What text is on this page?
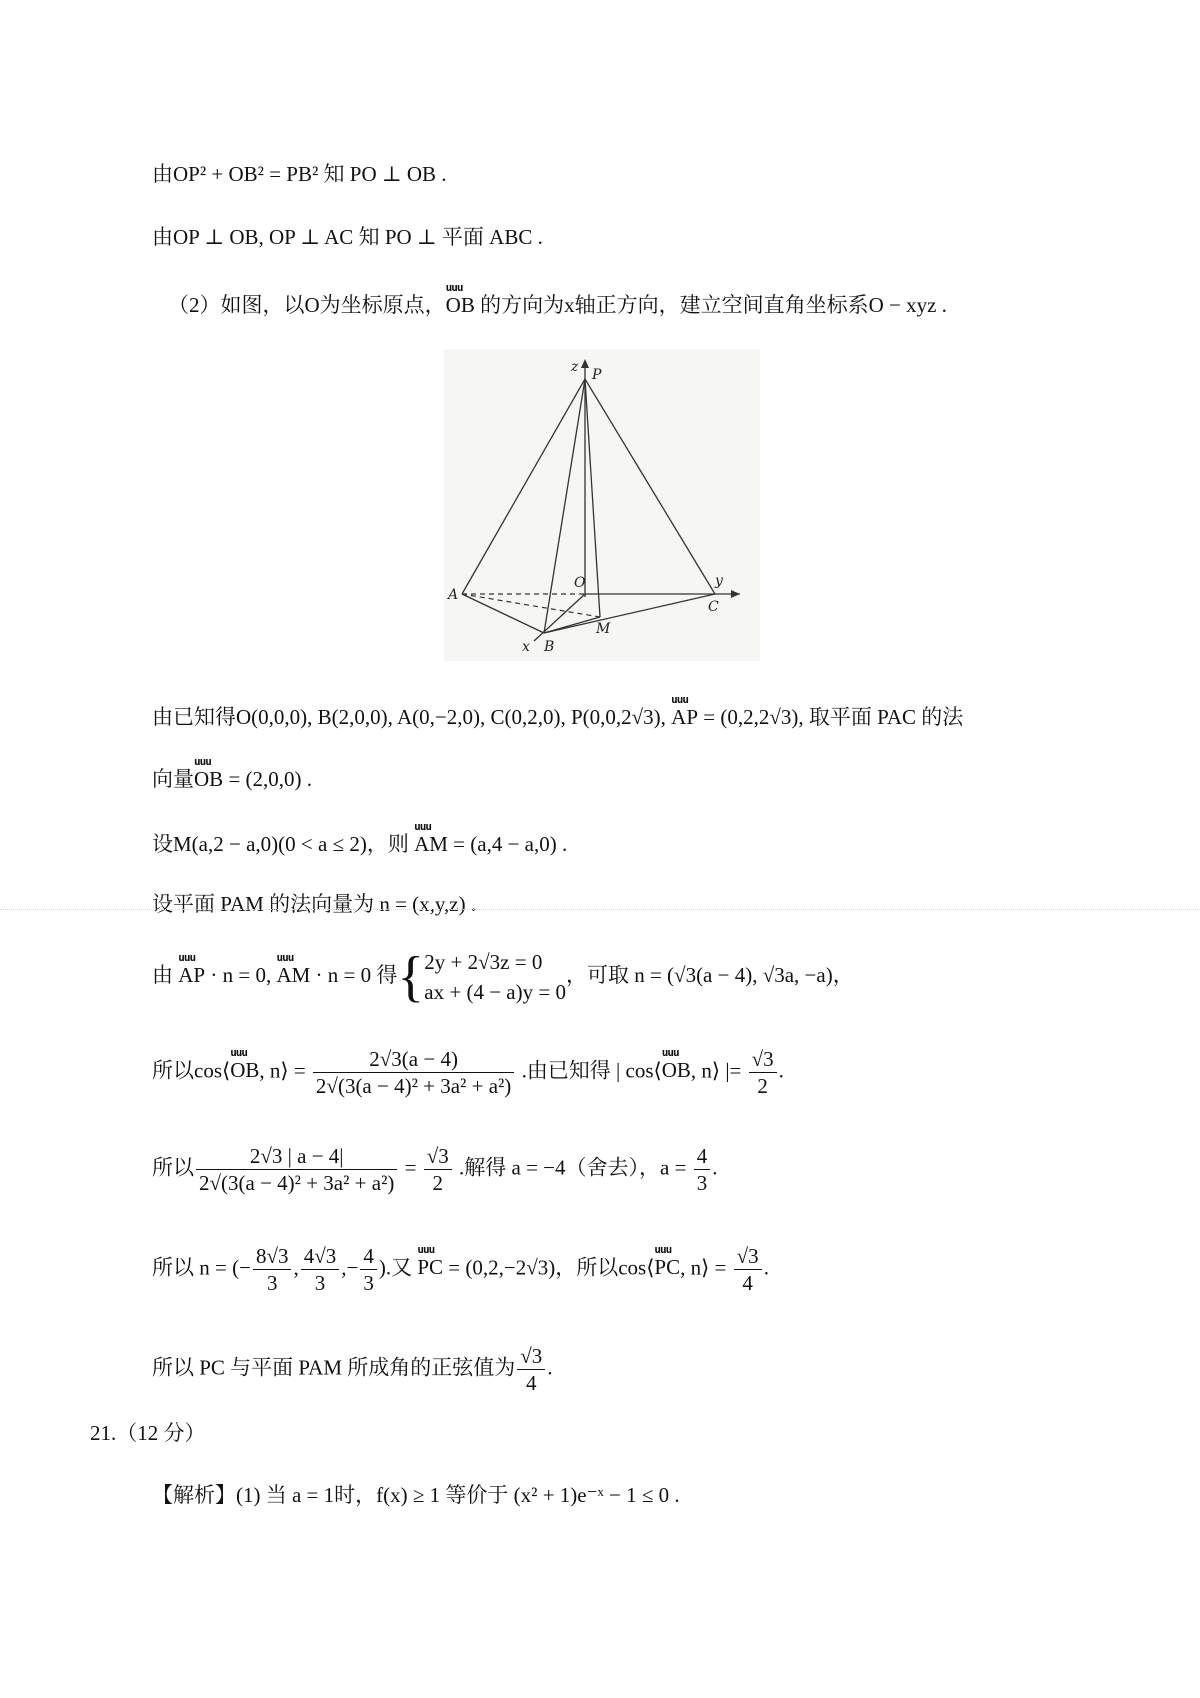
由OP² + OB² = PB² 知 PO ⊥ OB .
由OP ⊥ OB, OP ⊥ AC 知 PO ⊥ 平面 ABC .
（2）如图，以O为坐标原点，uuu OB 的方向为x轴正方向，建立空间直角坐标系O − xyz .
z P
O	y
A
C
M
x B
由已知得O(0,0,0), B(2,0,0), A(0,−2,0), C(0,2,0), P(0,0,2√3), uuu AP = (0,2,2√3), 取平面 PAC 的法
向量uuu OB = (2,0,0) .
设M(a,2 − a,0)(0 < a ≤ 2)，则 uuu AM = (a,4 − a,0) .
设平面 PAM 的法向量为 n = (x,y,z) .
由 uuu AP · n = 0, uuu AM · n = 0 得{ 2y + 2√3z = 0
ax + (4 − a)y = 0
，可取 n = (√3(a − 4), √3a, −a)，
所以cos⟨uuu OB, n⟩ = $\frac{2√3(a - 4)}{\text{2√(3(a − 4)² + 3a² + a²)}}$ .由已知得 | cos⟨uuu OB, n⟩ |= $\frac{√3}{2}$ .
所以 $\frac{2√3 | a - 4|}{\text{2√(3(a − 4)² + 3a² + a²)}} = \frac{√3}{2}$ .解得 a = −4（舍去），$a = \frac{4}{3}$ .
所以 n = (− $\frac{8√3}{3}$ , $\frac{4√3}{3}$ ,− $\frac{4}{3}$ ).又 uuu PC = (0,2,−2√3)，所以cos⟨uuu PC, n⟩ = $\frac{√3}{4}$ .
所以 PC 与平面 PAM 所成角的正弦值为 $\frac{√3}{4}$ .
21.（12 分）
【解析】(1) 当 a = 1时，f(x) ≥ 1 等价于 (x² + 1)e⁻ˣ − 1 ≤ 0 .
